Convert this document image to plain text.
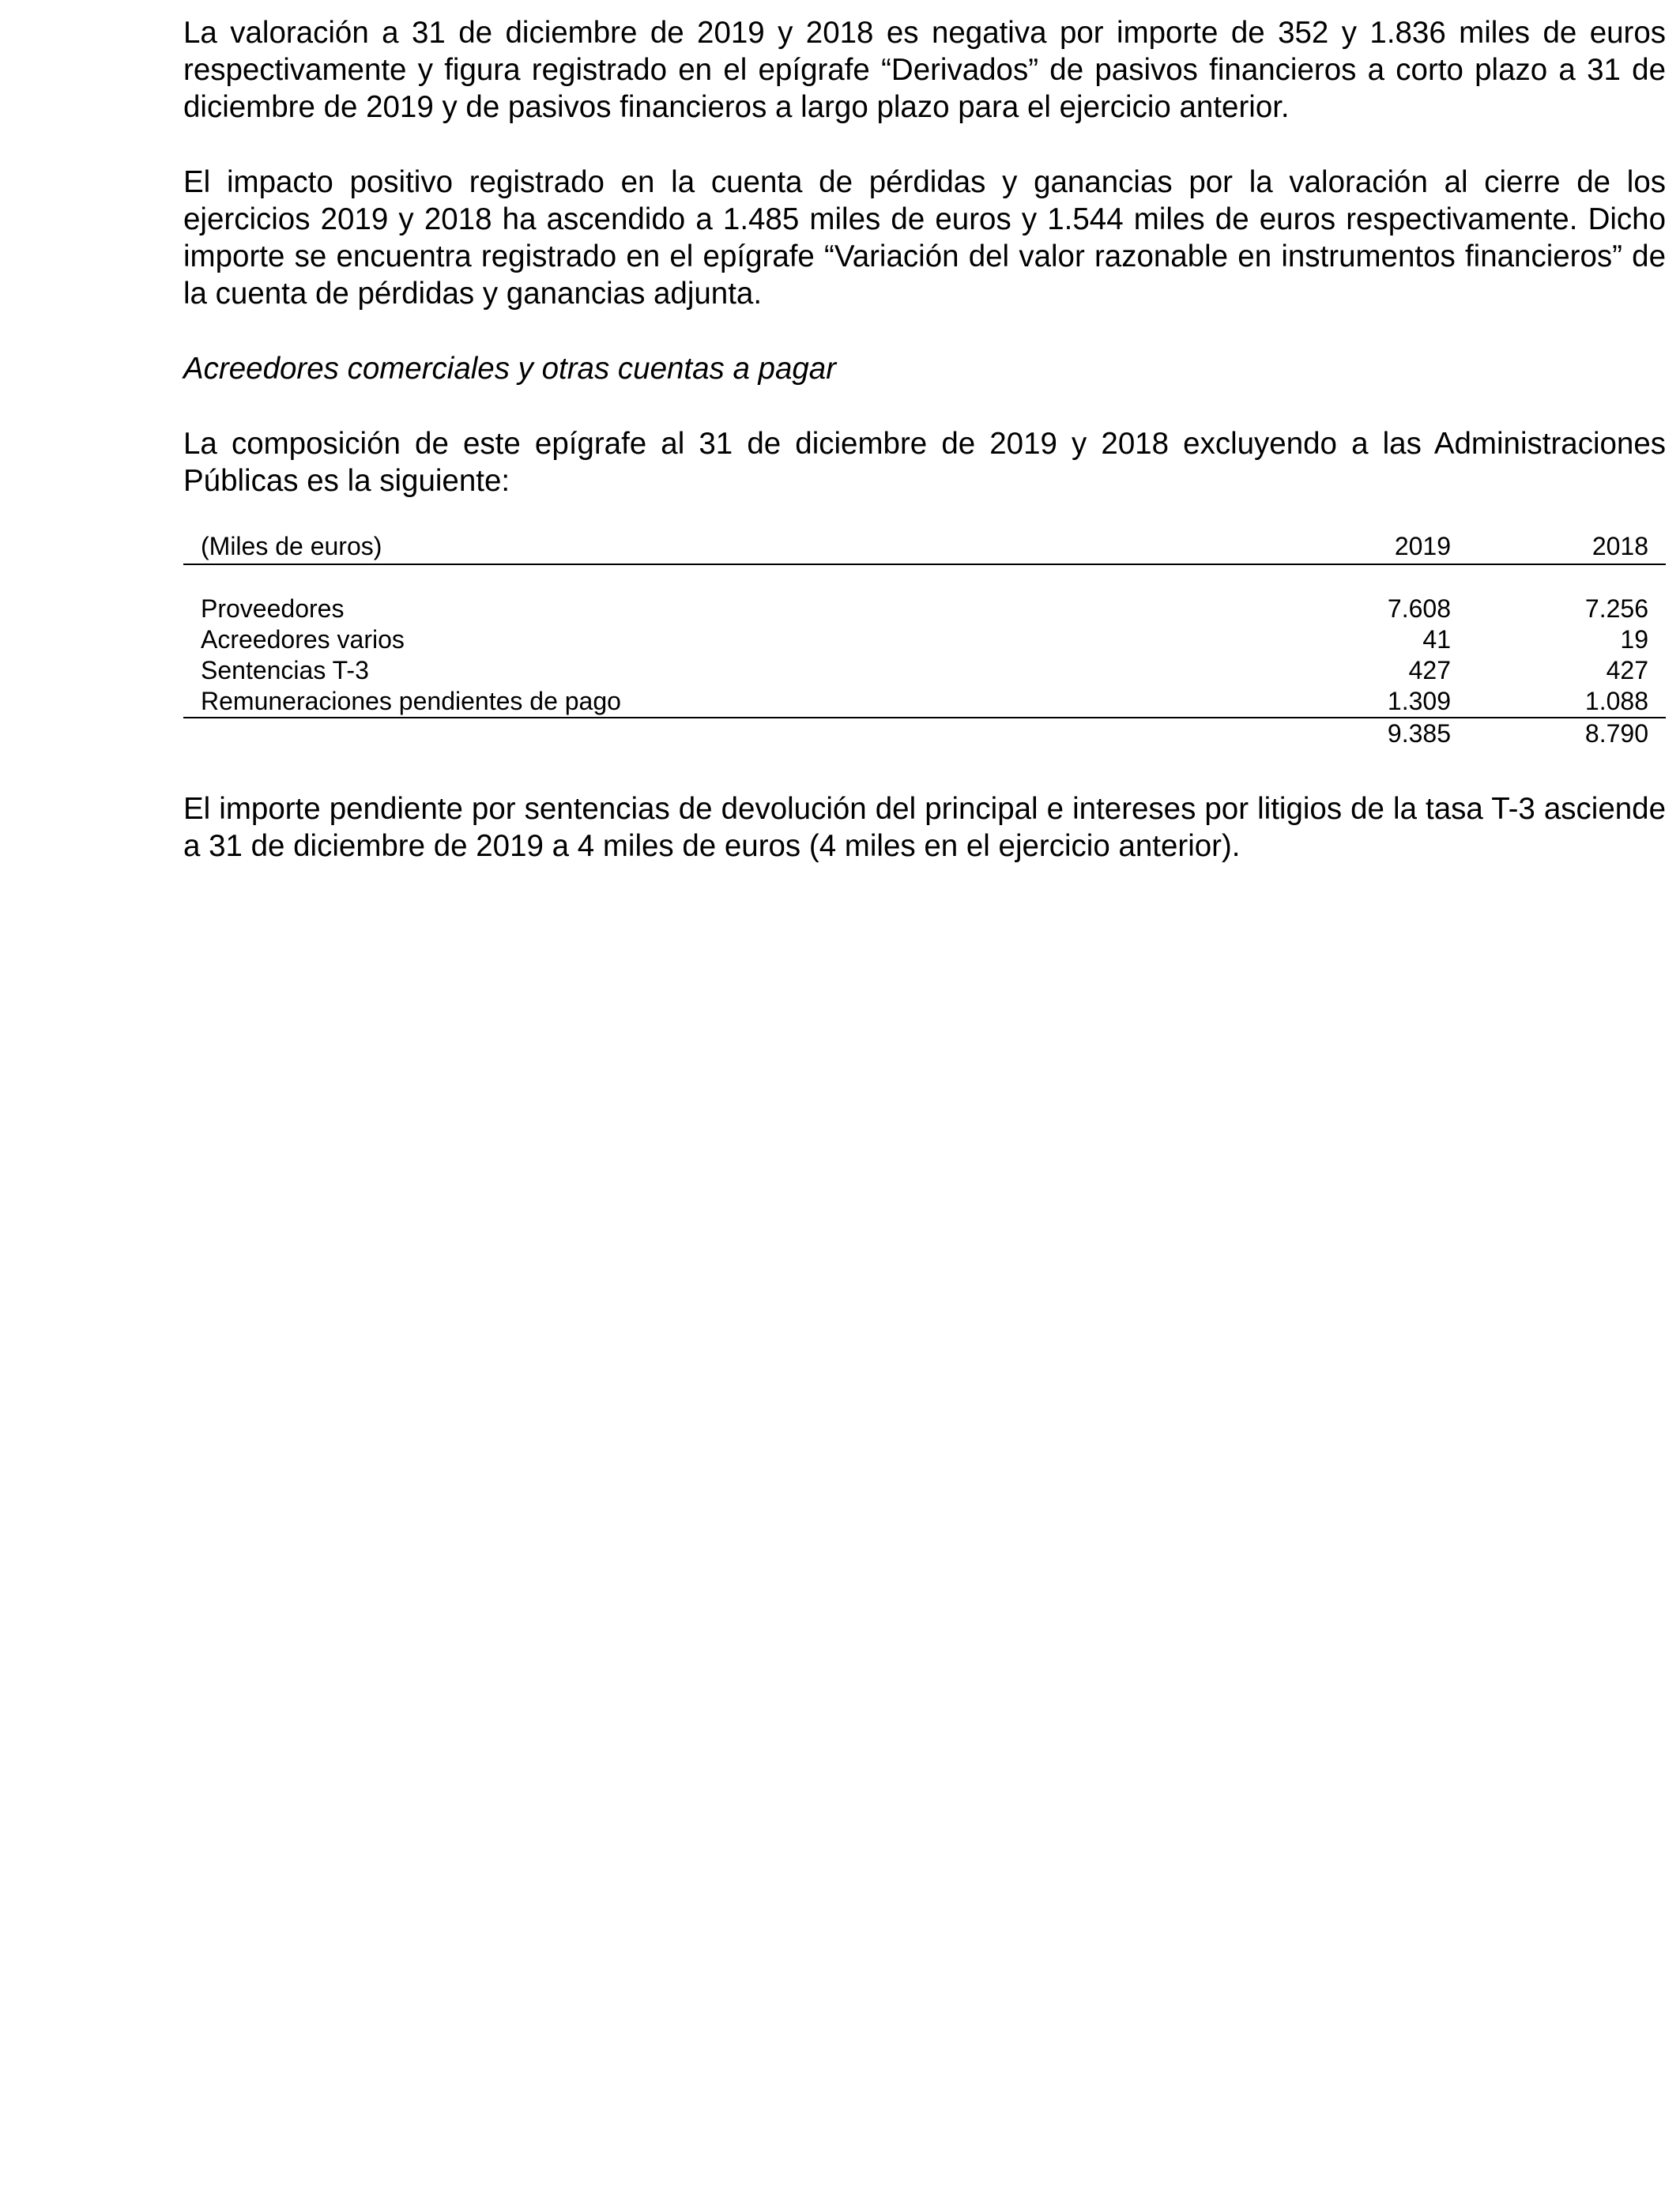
La valoración a 31 de diciembre de 2019 y 2018 es negativa por importe de 352 y 1.836 miles de euros respectivamente y figura registrado en el epígrafe “Derivados” de pasivos financieros a corto plazo a 31 de diciembre de 2019 y de pasivos financieros a largo plazo para el ejercicio anterior.

El impacto positivo registrado en la cuenta de pérdidas y ganancias por la valoración al cierre de los ejercicios 2019 y 2018 ha ascendido a 1.485 miles de euros y 1.544 miles de euros respectivamente. Dicho importe se encuentra registrado en el epígrafe “Variación del valor razonable en instrumentos financieros” de la cuenta de pérdidas y ganancias adjunta.

Acreedores comerciales y otras cuentas a pagar

La composición de este epígrafe al 31 de diciembre de 2019 y 2018 excluyendo a las Administraciones Públicas es la siguiente:

(Miles de euros)	2019	2018

Proveedores	7.608	7.256
Acreedores varios	41	19
Sentencias T-3	427	427
Remuneraciones pendientes de pago	1.309	1.088
	9.385	8.790

El importe pendiente por sentencias de devolución del principal e intereses por litigios de la tasa T-3 asciende a 31 de diciembre de 2019 a 4 miles de euros (4 miles en el ejercicio anterior).
